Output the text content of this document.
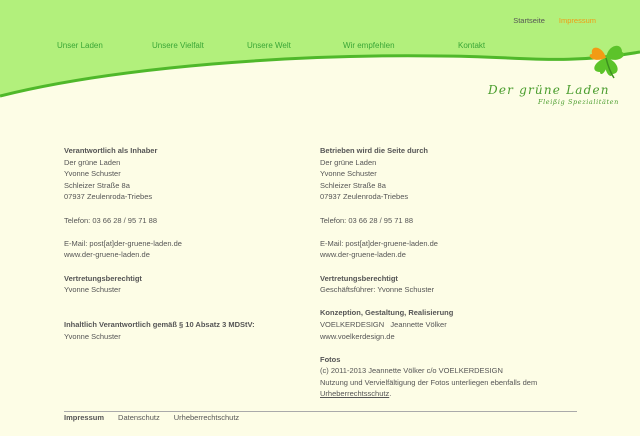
Startseite Impressum
Unser Laden	Unsere Vielfalt	Unsere Welt	Wir empfehlen	Kontakt
Der grüne Laden
Fleißig Spezialitäten
Verantwortlich als Inhaber
Der grüne Laden
Yvonne Schuster
Schleizer Straße 8a
07937 Zeulenroda-Triebes
Telefon: 03 66 28 / 95 71 88
E-Mail: post[at]der-gruene-laden.de
www.der-gruene-laden.de
Vertretungsberechtigt
Yvonne Schuster
Inhaltlich Verantwortlich gemäß § 10 Absatz 3 MDStV:
Yvonne Schuster
Betrieben wird die Seite durch
Der grüne Laden
Yvonne Schuster
Schleizer Straße 8a
07937 Zeulenroda-Triebes
Telefon: 03 66 28 / 95 71 88
E-Mail: post[at]der-gruene-laden.de
www.der-gruene-laden.de
Vertretungsberechtigt
Geschäftsführer: Yvonne Schuster
Konzeption, Gestaltung, Realisierung
VOELKERDESIGN   Jeannette Völker
www.voelkerdesign.de
Fotos
(c) 2011-2013 Jeannette Völker c/o VOELKERDESIGN
Nutzung und Vervielfältigung der Fotos unterliegen ebenfalls dem
Urheberrechtsschutz.
Impressum Datenschutz Urheberrechtschutz
